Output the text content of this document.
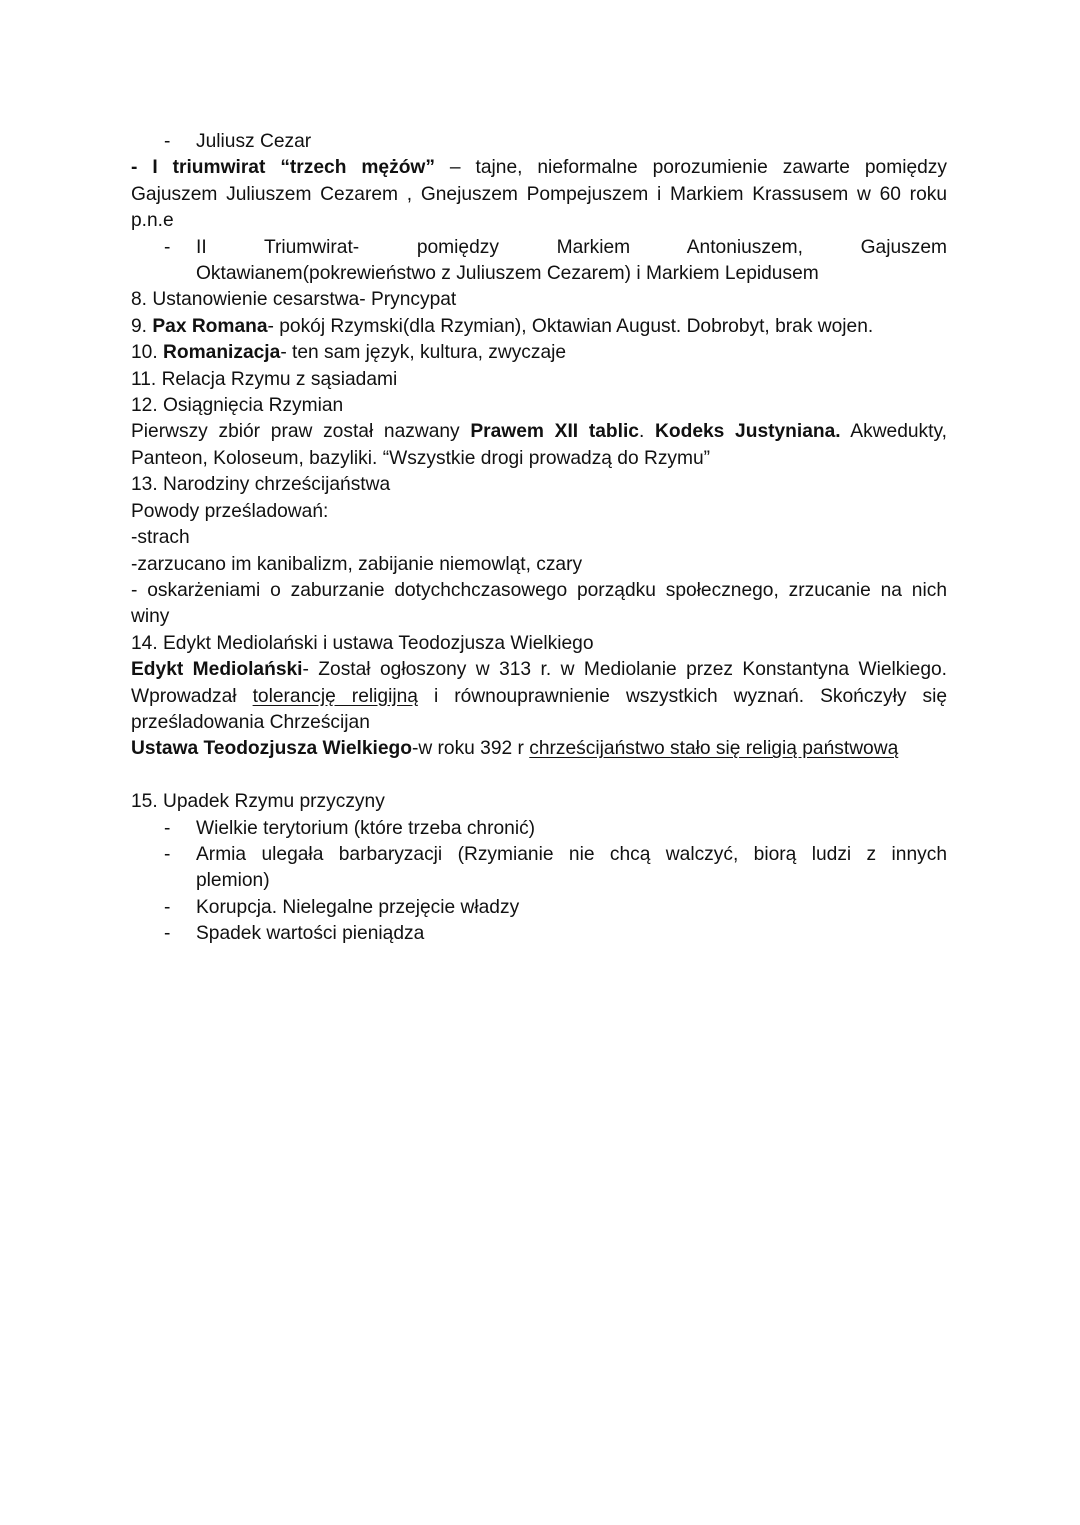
- Juliusz Cezar
- I triumwirat “trzech mężów” – tajne, nieformalne porozumienie zawarte pomiędzy
Gajuszem Juliuszem Cezarem , Gnejuszem Pompejuszem i Markiem Krassusem w 60 roku
p.n.e
- II Triumwirat- pomiędzy Markiem Antoniuszem, Gajuszem
Oktawianem(pokrewieństwo z Juliuszem Cezarem) i Markiem Lepidusem
8. Ustanowienie cesarstwa- Pryncypat
9. Pax Romana- pokój Rzymski(dla Rzymian), Oktawian August. Dobrobyt, brak wojen.
10. Romanizacja- ten sam język, kultura, zwyczaje
11. Relacja Rzymu z sąsiadami
12. Osiągnięcia Rzymian
Pierwszy zbiór praw został nazwany Prawem XII tablic. Kodeks Justyniana. Akwedukty,
Panteon, Koloseum, bazyliki. “Wszystkie drogi prowadzą do Rzymu”
13. Narodziny chrześcijaństwa
Powody prześladowań:
-strach
-zarzucano im kanibalizm, zabijanie niemowląt, czary
- oskarżeniami o zaburzanie dotychchczasowego porządku społecznego, zrzucanie na nich
winy
14. Edykt Mediolański i ustawa Teodozjusza Wielkiego
Edykt Mediolański- Został ogłoszony w 313 r. w Mediolanie przez Konstantyna Wielkiego.
Wprowadzał tolerancję religijną i równouprawnienie wszystkich wyznań. Skończyły się
prześladowania Chrześcijan
Ustawa Teodozjusza Wielkiego-w roku 392 r chrześcijaństwo stało się religią państwową
15. Upadek Rzymu przyczyny
- Wielkie terytorium (które trzeba chronić)
- Armia ulegała barbaryzacji (Rzymianie nie chcą walczyć, biorą ludzi z innych
plemion)
- Korupcja. Nielegalne przejęcie władzy
- Spadek wartości pieniądza
